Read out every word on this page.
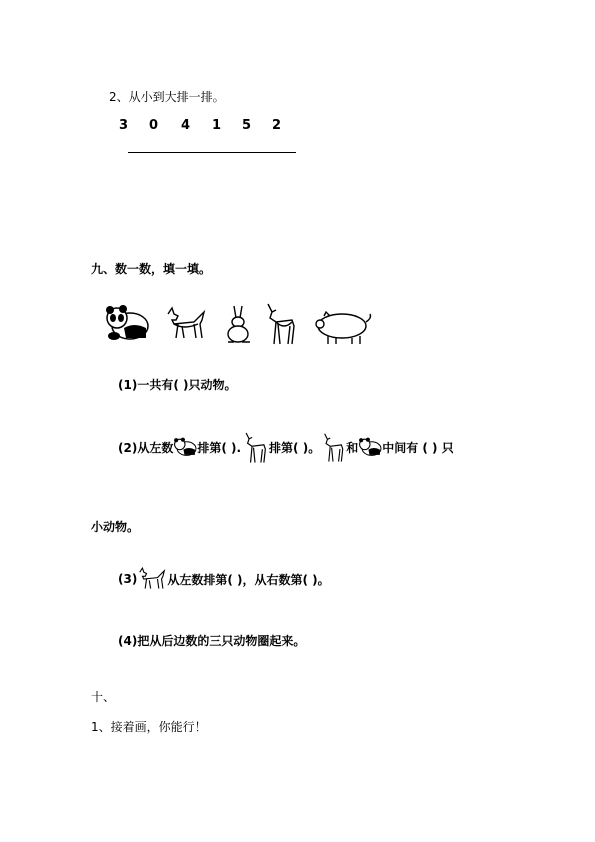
2、从小到大排一排。
3 0 4 1 5 2
九、数一数，填一填。
(1)一共有( )只动物。
(2)从左数 排第( ). 排第( )。 和 中间有 ( ) 只
小动物。
(3)	从左数排第( )，从右数第( )。
(4)把从后边数的三只动物圈起来。
十、
1、接着画，你能行！
